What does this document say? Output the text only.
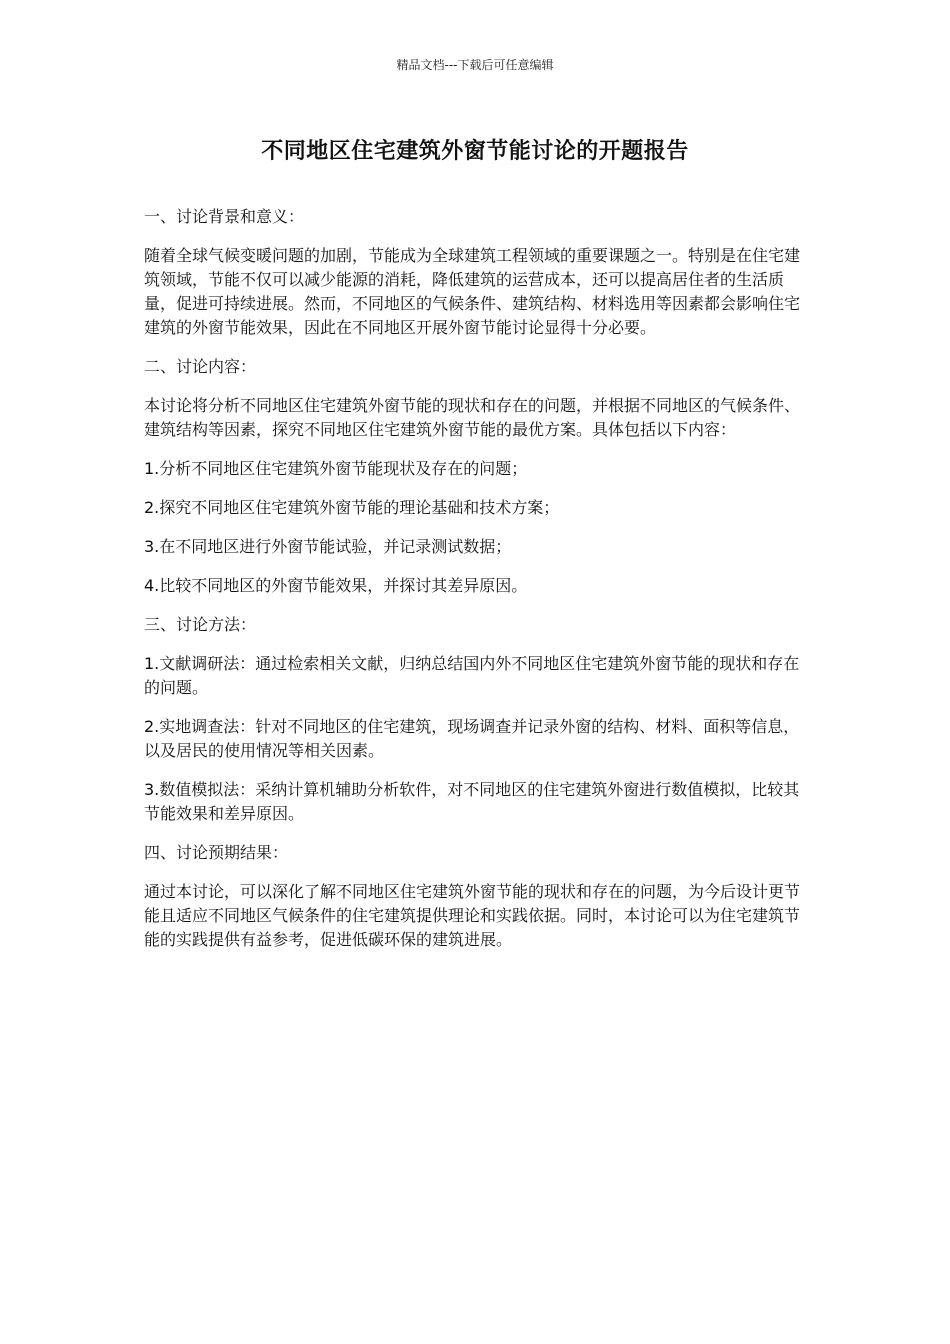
精品文档---下载后可任意编辑
不同地区住宅建筑外窗节能讨论的开题报告

一、讨论背景和意义：

随着全球气候变暖问题的加剧，节能成为全球建筑工程领域的重要课题之一。特别是在住宅建筑领域，节能不仅可以减少能源的消耗，降低建筑的运营成本，还可以提高居住者的生活质量，促进可持续进展。然而，不同地区的气候条件、建筑结构、材料选用等因素都会影响住宅建筑的外窗节能效果，因此在不同地区开展外窗节能讨论显得十分必要。

二、讨论内容：

本讨论将分析不同地区住宅建筑外窗节能的现状和存在的问题，并根据不同地区的气候条件、建筑结构等因素，探究不同地区住宅建筑外窗节能的最优方案。具体包括以下内容：

1.分析不同地区住宅建筑外窗节能现状及存在的问题；

2.探究不同地区住宅建筑外窗节能的理论基础和技术方案；

3.在不同地区进行外窗节能试验，并记录测试数据；

4.比较不同地区的外窗节能效果，并探讨其差异原因。

三、讨论方法：

1.文献调研法：通过检索相关文献，归纳总结国内外不同地区住宅建筑外窗节能的现状和存在的问题。

2.实地调查法：针对不同地区的住宅建筑，现场调查并记录外窗的结构、材料、面积等信息，以及居民的使用情况等相关因素。

3.数值模拟法：采纳计算机辅助分析软件，对不同地区的住宅建筑外窗进行数值模拟，比较其节能效果和差异原因。

四、讨论预期结果：

通过本讨论，可以深化了解不同地区住宅建筑外窗节能的现状和存在的问题，为今后设计更节能且适应不同地区气候条件的住宅建筑提供理论和实践依据。同时，本讨论可以为住宅建筑节能的实践提供有益参考，促进低碳环保的建筑进展。
